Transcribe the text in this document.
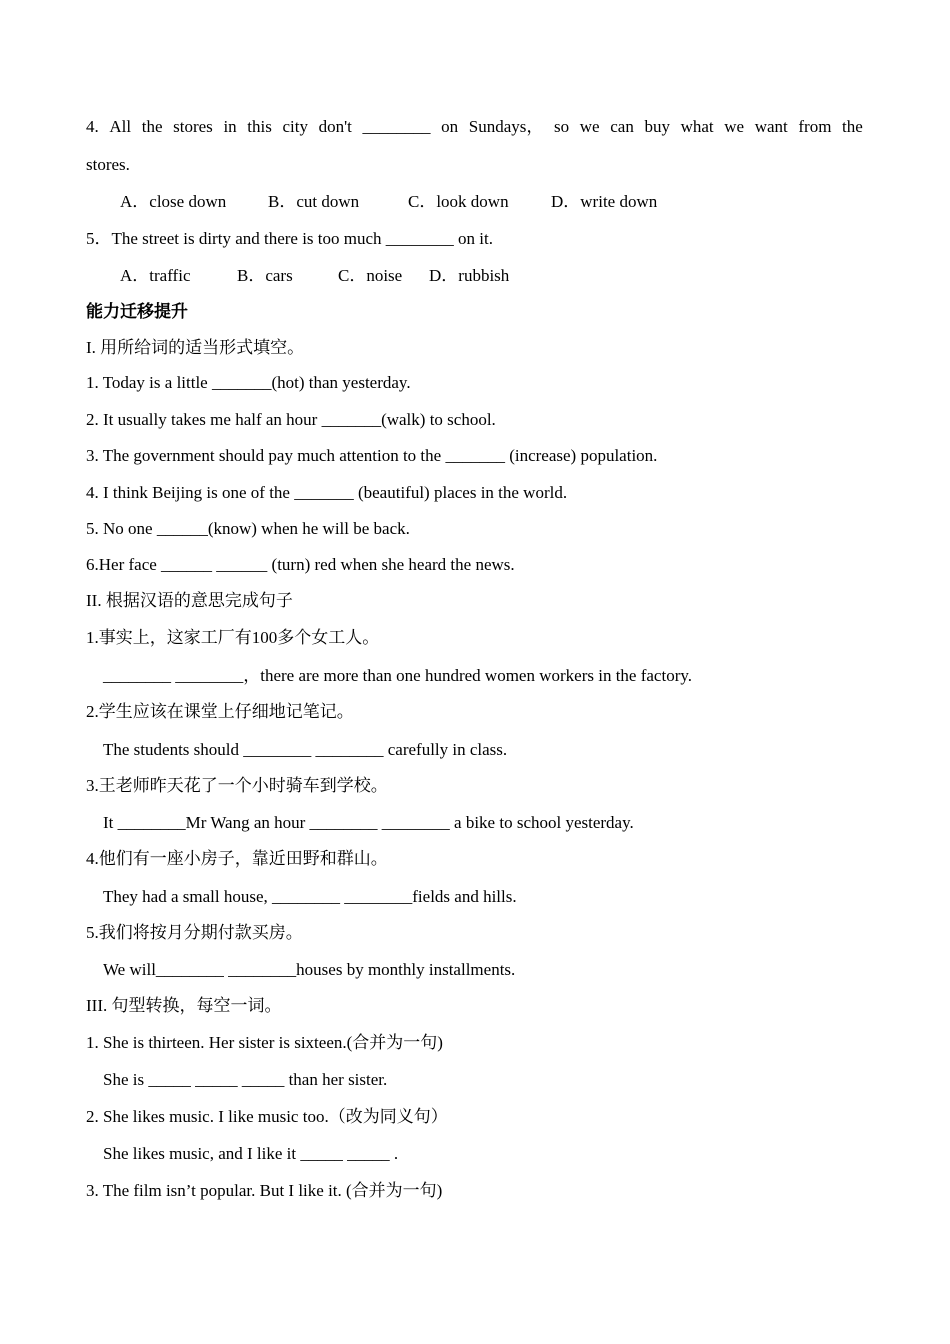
4. All the stores in this city don't ________ on Sundays， so we can buy what we want from the
stores.
A．close down B．cut down	C．look down D．write down
5．The street is dirty and there is too much ________ on it.
A．traffic	B．cars	C．noise D．rubbish
能力迁移提升
I. 用所给词的适当形式填空。
1. Today is a little _______(hot) than yesterday.
2. It usually takes me half an hour _______(walk) to school.
3. The government should pay much attention to the _______ (increase) population.
4. I think Beijing is one of the _______ (beautiful) places in the world.
5. No one ______(know) when he will be back.
6.Her face ______ ______ (turn) red when she heard the news.
II. 根据汉语的意思完成句子
1.事实上，这家工厂有100多个女工人。
________ ________，there are more than one hundred women workers in the factory.
2.学生应该在课堂上仔细地记笔记。
The students should ________ ________ carefully in class.
3.王老师昨天花了一个小时骑车到学校。
It ________Mr Wang an hour ________ ________ a bike to school yesterday.
4.他们有一座小房子，靠近田野和群山。
They had a small house, ________ ________fields and hills.
5.我们将按月分期付款买房。
We will________ ________houses by monthly installments.
III. 句型转换，每空一词。
1. She is thirteen. Her sister is sixteen.(合并为一句)
She is _____ _____ _____ than her sister.
2. She likes music. I like music too.（改为同义句）
She likes music, and I like it _____ _____ .
3. The film isn’t popular. But I like it. (合并为一句)
